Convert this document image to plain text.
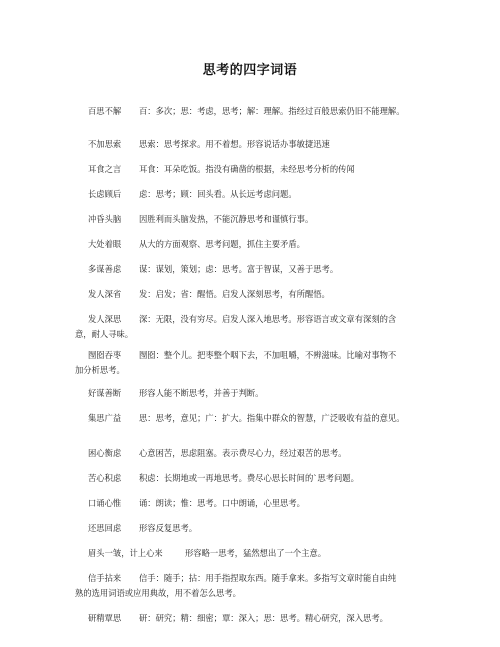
思考的四字词语
百思不解 百：多次；思：考虑，思考；解：理解。指经过百般思索仍旧不能理解。
不加思索 思索：思考探求。用不着想。形容说话办事敏捷迅速
耳食之言 耳食：耳朵吃饭。指没有确凿的根据，未经思考分析的传闻
长虑顾后 虑：思考；顾：回头看。从长远考虑问题。
冲昏头脑 因胜利而头脑发热，不能沉静思考和谨慎行事。
大处着眼 从大的方面观察、思考问题，抓住主要矛盾。
多谋善虑 谋：谋划，策划；虑：思考。富于智谋，又善于思考。
发人深省 发：启发；省：醒悟。启发人深刻思考，有所醒悟。
发人深思 深：无限，没有穷尽。启发人深入地思考。形容语言或文章有深刻的含
意，耐人寻味。
囫囵吞枣 囫囵：整个儿。把枣整个咽下去，不加咀嚼，不辨滋味。比喻对事物不
加分析思考。
好谋善断 形容人能不断思考，并善于判断。
集思广益 思：思考，意见；广：扩大。指集中群众的智慧，广泛吸收有益的意见。
困心衡虑 心意困苦，思虑阻塞。表示费尽心力，经过艰苦的思考。
苦心积虑 积虑：长期地或一再地思考。费尽心思长时间的`思考问题。
口诵心惟 诵：朗读；惟：思考。口中朗诵，心里思考。
还思回虑 形容反复思考。
眉头一皱，计上心来	形容略一思考，猛然想出了一个主意。
信手拈来 信手：随手；拈：用手指捏取东西。随手拿来。多指写文章时能自由纯
熟的选用词语或应用典故，用不着怎么思考。
研精覃思 研：研究；精：细密；覃：深入；思：思考。精心研究，深入思考。
